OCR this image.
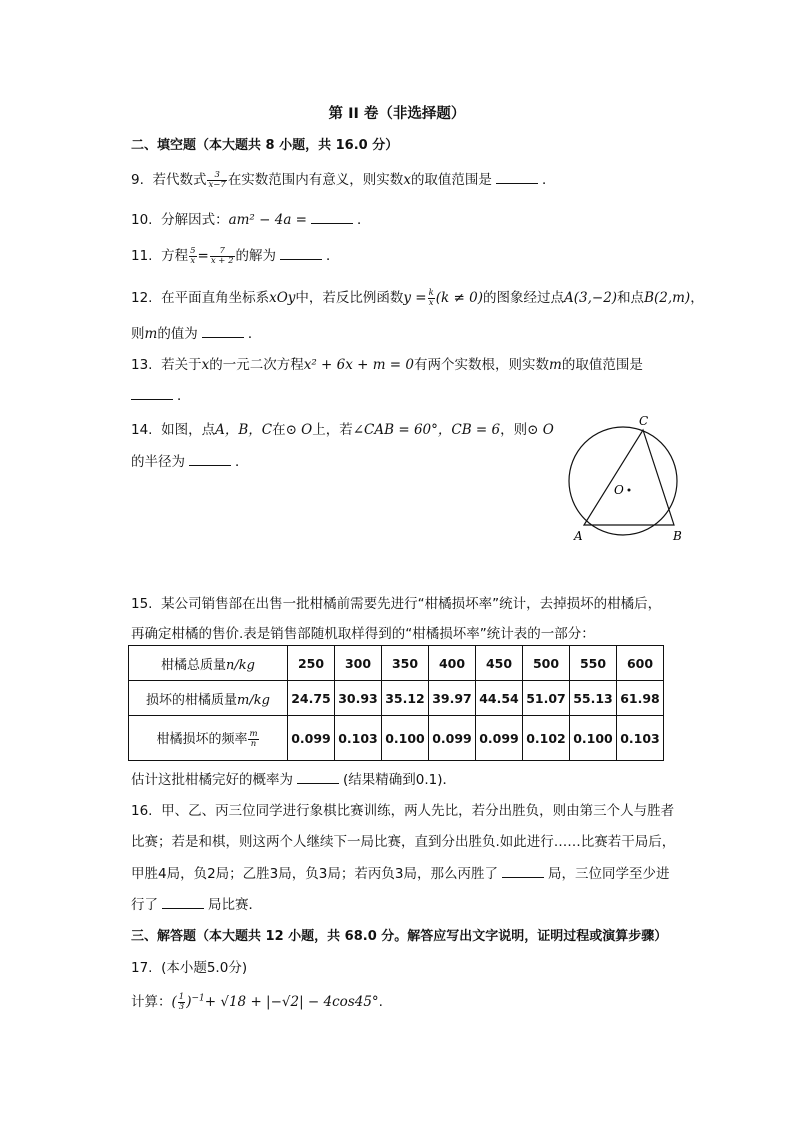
第 II 卷（非选择题）
二、填空题（本大题共 8 小题，共 16.0 分）
9. 若代数式 $\frac{3}{x-7}$ 在实数范围内有意义，则实数x的取值范围是	．
10. 分解因式：am² − 4a =	．
11. 方程 $\frac{5}{x} = \frac{7}{x + 2}$ 的解为	．
12. 在平面直角坐标系xOy中，若反比例函数$y = \frac{k}{x} (k \ne 0)$的图象经过点A(3,−2)和点B(2,m)，
则m的值为	．
13. 若关于x的一元二次方程x² + 6x + m = 0有两个实数根，则实数m的取值范围是
．
14. 如图，点A，B，C在⊙ O上，若∠CAB = 60°，CB = 6，则⊙ O
的半径为	．
O
A	B
C
15. 某公司销售部在出售一批柑橘前需要先进行“柑橘损坏率”统计，去掉损坏的柑橘后，
再确定柑橘的售价.表是销售部随机取样得到的“柑橘损坏率”统计表的一部分：
柑橘总质量n/kg	250	300	350	400	450	500	550	600
损坏的柑橘质量m/kg	24.75	30.93	35.12	39.97	44.54	51.07	55.13	61.98
柑橘损坏的频率 $\frac{m}{n}$	0.099	0.103	0.100	0.099	0.099	0.102	0.100	0.103
估计这批柑橘完好的概率为	(结果精确到0.1)．
16. 甲、乙、丙三位同学进行象棋比赛训练，两人先比，若分出胜负，则由第三个人与胜者
比赛；若是和棋，则这两个人继续下一局比赛，直到分出胜负.如此进行……比赛若干局后，
甲胜4局，负2局；乙胜3局，负3局；若丙负3局，那么丙胜了	局，三位同学至少进
行了	局比赛．
三、解答题（本大题共 12 小题，共 68.0 分。解答应写出文字说明，证明过程或演算步骤）
17. (本小题5.0分)
计算：( $\frac{1}{3} )^{-1}+ √18 + |-√2| - 4\cos 45^\circ$.
